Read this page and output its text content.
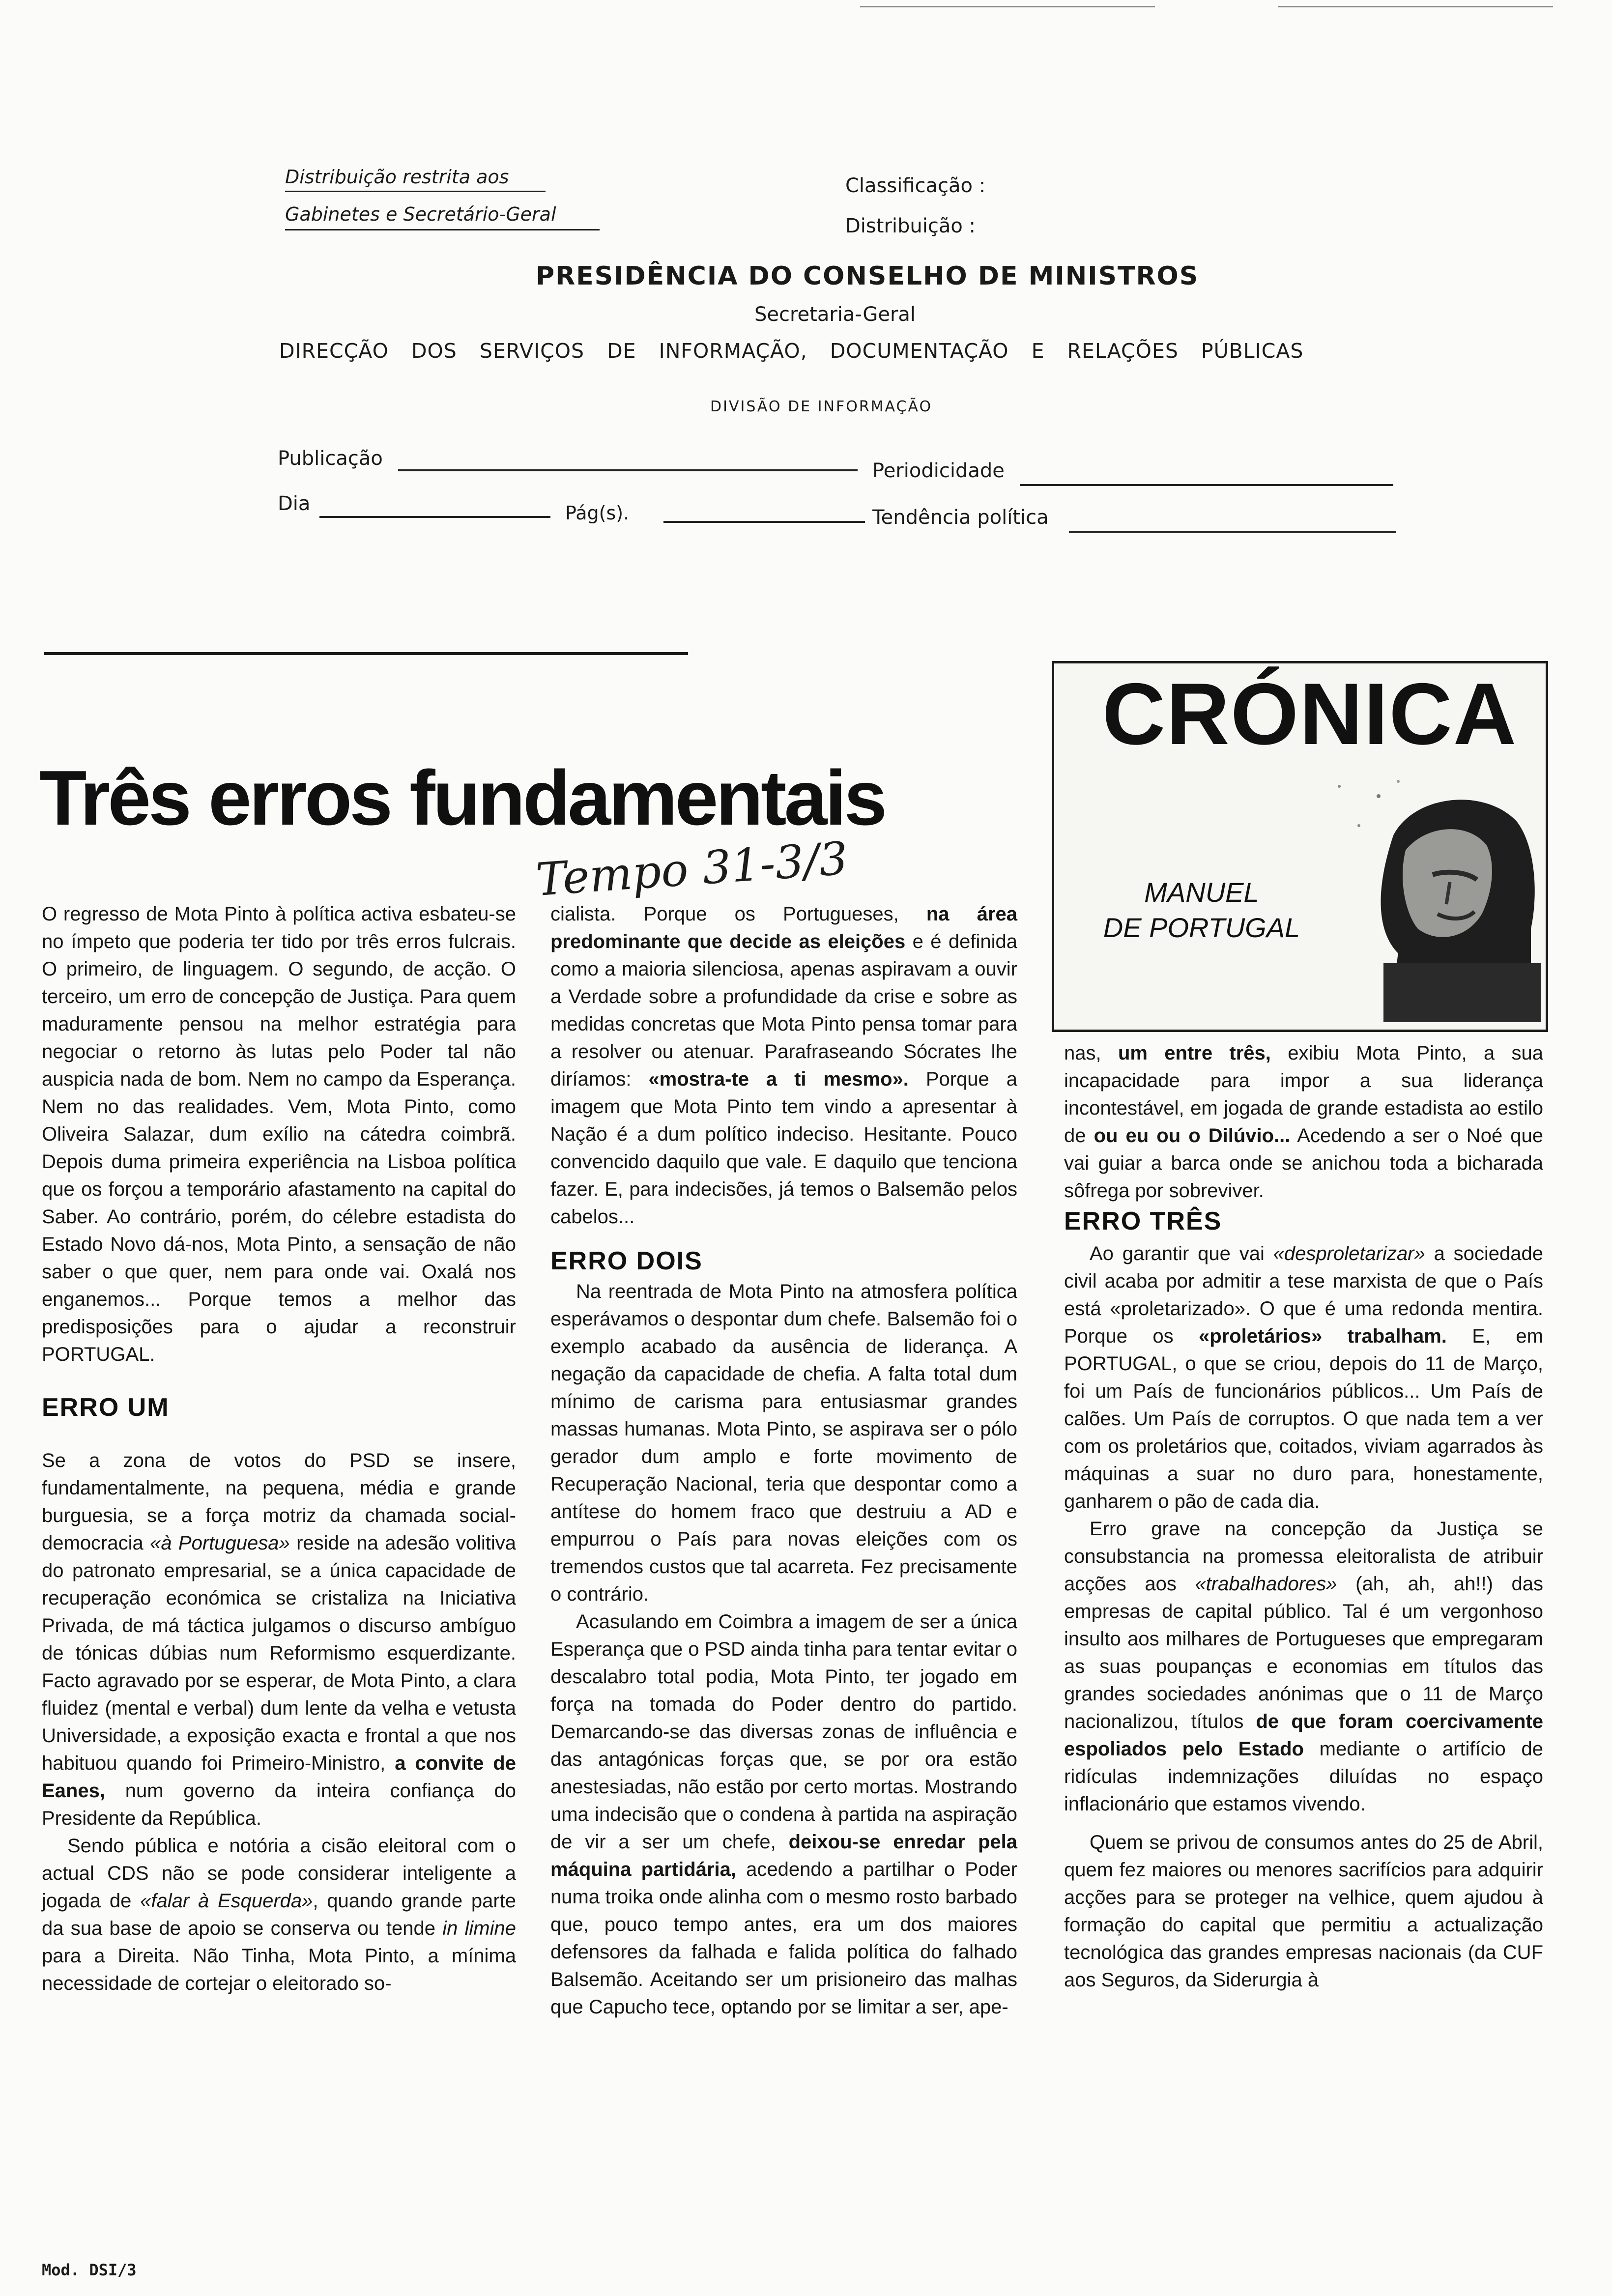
Distribuição restrita aos
Gabinetes e Secretário-Geral
Classificação :
Distribuição :
PRESIDÊNCIA DO CONSELHO DE MINISTROS
Secretaria-Geral
DIRECÇÃO DOS SERVIÇOS DE INFORMAÇÃO, DOCUMENTAÇÃO E RELAÇÕES PÚBLICAS
DIVISÃO DE INFORMAÇÃO
Publicação
Periodicidade
Dia	Pág(s).	Tendência política
Três erros fundamentais
Tempo 31-3/3
CRÓNICA
MANUEL
DE PORTUGAL

O regresso de Mota Pinto à política activa esbateu-se no ímpeto que poderia ter tido por três erros fulcrais. O primeiro, de linguagem. O segundo, de acção. O terceiro, um erro de concepção de Justiça. Para quem maduramente pensou na melhor estratégia para negociar o retorno às lutas pelo Poder tal não auspicia nada de bom. Nem no campo da Esperança. Nem no das realidades. Vem, Mota Pinto, como Oliveira Salazar, dum exílio na cátedra coimbrã. Depois duma primeira experiência na Lisboa política que os forçou a temporário afastamento na capital do Saber. Ao contrário, porém, do célebre estadista do Estado Novo dá-nos, Mota Pinto, a sensação de não saber o que quer, nem para onde vai. Oxalá nos enganemos... Porque temos a melhor das predisposições para o ajudar a reconstruir PORTUGAL.

ERRO UM

Se a zona de votos do PSD se insere, fundamentalmente, na pequena, média e grande burguesia, se a força motriz da chamada social-democracia «à Portuguesa» reside na adesão volitiva do patronato empresarial, se a única capacidade de recuperação económica se cristaliza na Iniciativa Privada, de má táctica julgamos o discurso ambíguo de tónicas dúbias num Reformismo esquerdizante. Facto agravado por se esperar, de Mota Pinto, a clara fluidez (mental e verbal) dum lente da velha e vetusta Universidade, a exposição exacta e frontal a que nos habituou quando foi Primeiro-Ministro, a convite de Eanes, num governo da inteira confiança do Presidente da República.

Sendo pública e notória a cisão eleitoral com o actual CDS não se pode considerar inteligente a jogada de «falar à Esquerda», quando grande parte da sua base de apoio se conserva ou tende in limine para a Direita. Não Tinha, Mota Pinto, a mínima necessidade de cortejar o eleitorado so-

cialista. Porque os Portugueses, na área predominante que decide as eleições e é definida como a maioria silenciosa, apenas aspiravam a ouvir a Verdade sobre a profundidade da crise e sobre as medidas concretas que Mota Pinto pensa tomar para a resolver ou atenuar. Parafraseando Sócrates lhe diríamos: «mostra-te a ti mesmo». Porque a imagem que Mota Pinto tem vindo a apresentar à Nação é a dum político indeciso. Hesitante. Pouco convencido daquilo que vale. E daquilo que tenciona fazer. E, para indecisões, já temos o Balsemão pelos cabelos...

ERRO DOIS

Na reentrada de Mota Pinto na atmosfera política esperávamos o despontar dum chefe. Balsemão foi o exemplo acabado da ausência de liderança. A negação da capacidade de chefia. A falta total dum mínimo de carisma para entusiasmar grandes massas humanas. Mota Pinto, se aspirava ser o pólo gerador dum amplo e forte movimento de Recuperação Nacional, teria que despontar como a antítese do homem fraco que destruiu a AD e empurrou o País para novas eleições com os tremendos custos que tal acarreta. Fez precisamente o contrário.

Acasulando em Coimbra a imagem de ser a única Esperança que o PSD ainda tinha para tentar evitar o descalabro total podia, Mota Pinto, ter jogado em força na tomada do Poder dentro do partido. Demarcando-se das diversas zonas de influência e das antagónicas forças que, se por ora estão anestesiadas, não estão por certo mortas. Mostrando uma indecisão que o condena à partida na aspiração de vir a ser um chefe, deixou-se enredar pela máquina partidária, acedendo a partilhar o Poder numa troika onde alinha com o mesmo rosto barbado que, pouco tempo antes, era um dos maiores defensores da falhada e falida política do falhado Balsemão. Aceitando ser um prisioneiro das malhas que Capucho tece, optando por se limitar a ser, ape-

nas, um entre três, exibiu Mota Pinto, a sua incapacidade para impor a sua liderança incontestável, em jogada de grande estadista ao estilo de ou eu ou o Dilúvio... Acedendo a ser o Noé que vai guiar a barca onde se anichou toda a bicharada sôfrega por sobreviver.

ERRO TRÊS

Ao garantir que vai «desproletarizar» a sociedade civil acaba por admitir a tese marxista de que o País está «proletarizado». O que é uma redonda mentira. Porque os «proletários» trabalham. E, em PORTUGAL, o que se criou, depois do 11 de Março, foi um País de funcionários públicos... Um País de calões. Um País de corruptos. O que nada tem a ver com os proletários que, coitados, viviam agarrados às máquinas a suar no duro para, honestamente, ganharem o pão de cada dia.

Erro grave na concepção da Justiça se consubstancia na promessa eleitoralista de atribuir acções aos «trabalhadores» (ah, ah, ah!!) das empresas de capital público. Tal é um vergonhoso insulto aos milhares de Portugueses que empregaram as suas poupanças e economias em títulos das grandes sociedades anónimas que o 11 de Março nacionalizou, títulos de que foram coercivamente espoliados pelo Estado mediante o artifício de ridículas indemnizações diluídas no espaço inflacionário que estamos vivendo.

Quem se privou de consumos antes do 25 de Abril, quem fez maiores ou menores sacrifícios para adquirir acções para se proteger na velhice, quem ajudou à formação do capital que permitiu a actualização tecnológica das grandes empresas nacionais (da CUF aos Seguros, da Siderurgia à

Mod. DSI/3
